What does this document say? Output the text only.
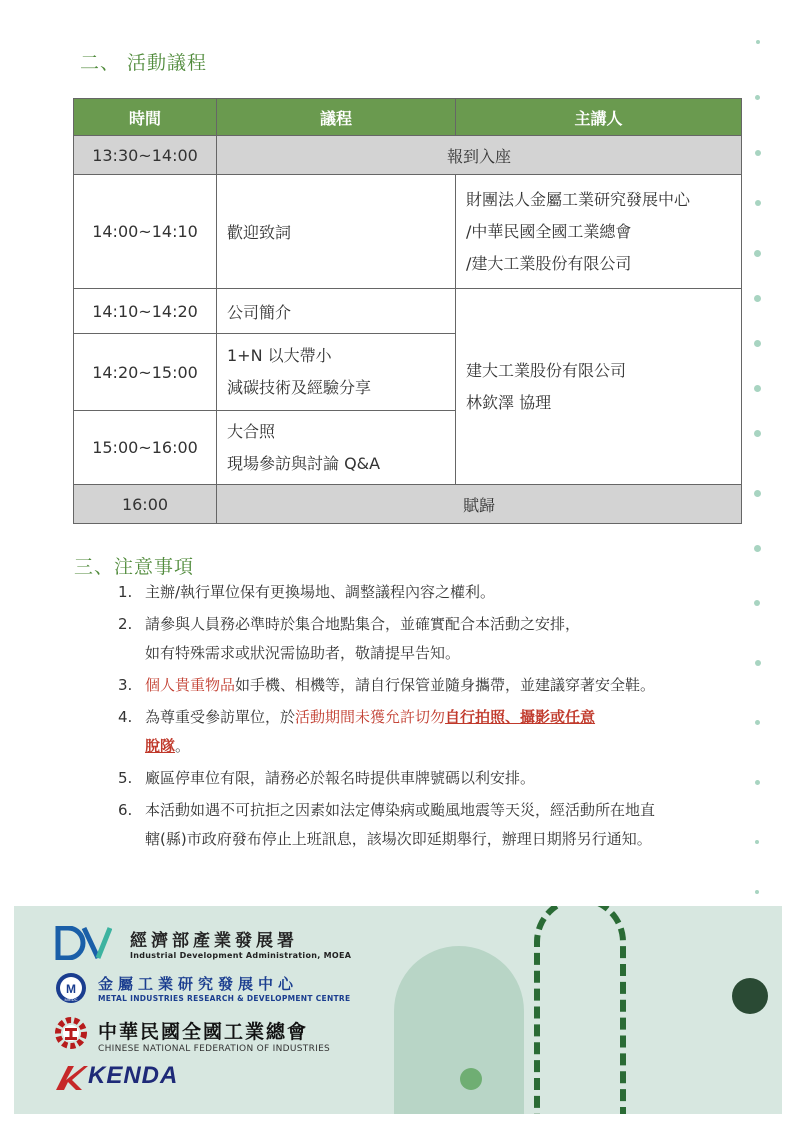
二、 活動議程
時間	議程	主講人
13:30~14:00	報到入座	
14:00~14:10	歡迎致詞	財團法人金屬工業研究發展中心
/中華民國全國工業總會
/建大工業股份有限公司

14:10~14:20	公司簡介	建大工業股份有限公司
林欽澤 協理

14:20~15:00	1+N 以大帶小
減碳技術及經驗分享	

15:00~16:00	大合照
現場參訪與討論 Q&A	

16:00	賦歸	
三、注意事項
1. 主辦/執行單位保有更換場地、調整議程內容之權利。
2. 請參與人員務必準時於集合地點集合，並確實配合本活動之安排，
如有特殊需求或狀況需協助者，敬請提早告知。
3. 個人貴重物品如手機、相機等，請自行保管並隨身攜帶，並建議穿著安全鞋。
4. 為尊重受參訪單位，於活動期間未獲允許切勿自行拍照、攝影或任意
脫隊。
5. 廠區停車位有限，請務必於報名時提供車牌號碼以利安排。
6. 本活動如遇不可抗拒之因素如法定傳染病或颱風地震等天災，經活動所在地直
轄(縣)市政府發布停止上班訊息，該場次即延期舉行，辦理日期將另行通知。
經濟部產業發展署
Industrial Development Administration, MOEA
M
MIRDC
金屬工業研究發展中心
METAL INDUSTRIES RESEARCH & DEVELOPMENT CENTRE
中華民國全國工業總會
CHINESE NATIONAL FEDERATION OF INDUSTRIES
KENDA
